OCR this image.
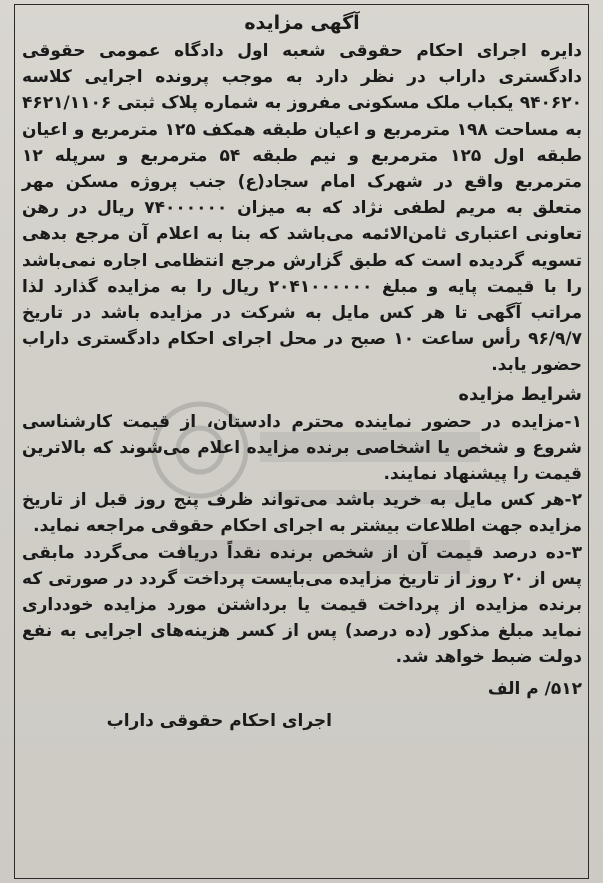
آگهی مزایده

دایره اجرای احکام حقوقی شعبه اول دادگاه عمومی حقوقی دادگستری داراب در نظر دارد به موجب پرونده اجرایی کلاسه ۹۴۰۶۲۰ یکباب ملک مسکونی مفروز به شماره پلاک ثبتی ۴۶۲۱/۱۱۰۶ به مساحت ۱۹۸ مترمربع و اعیان طبقه همکف ۱۲۵ مترمربع و اعیان طبقه اول ۱۲۵ مترمربع و نیم طبقه ۵۴ مترمربع و سرپله ۱۲ مترمربع واقع در شهرک امام سجاد(ع) جنب پروژه مسکن مهر متعلق به مریم لطفی نژاد که به میزان ۷۴۰۰۰۰۰۰ ریال در رهن تعاونی اعتباری ثامن‌الائمه می‌باشد که بنا به اعلام آن مرجع بدهی تسویه گردیده است که طبق گزارش مرجع انتظامی اجاره نمی‌باشد را با قیمت پایه و مبلغ ۲۰۴۱۰۰۰۰۰۰ ریال را به مزایده گذارد لذا مراتب آگهی تا هر کس مایل به شرکت در مزایده باشد در تاریخ ۹۶/۹/۷ رأس ساعت ۱۰ صبح در محل اجرای احکام دادگستری داراب حضور یابد.

شرایط مزایده

۱-مزایده در حضور نماینده محترم دادستان، از قیمت کارشناسی شروع و شخص یا اشخاصی برنده مزایده اعلام می‌شوند که بالاترین قیمت را پیشنهاد نمایند.

۲-هر کس مایل به خرید باشد می‌تواند ظرف پنج روز قبل از تاریخ مزایده جهت اطلاعات بیشتر به اجرای احکام حقوقی مراجعه نماید.

۳-ده درصد قیمت آن از شخص برنده نقداً دریافت می‌گردد مابقی پس از ۲۰ روز از تاریخ مزایده می‌بایست پرداخت گردد در صورتی که برنده مزایده از پرداخت قیمت یا برداشتن مورد مزایده خودداری نماید مبلغ مذکور (ده درصد) پس از کسر هزینه‌های اجرایی به نفع دولت ضبط خواهد شد.

۵۱۲/ م الف

اجرای احکام حقوقی داراب
